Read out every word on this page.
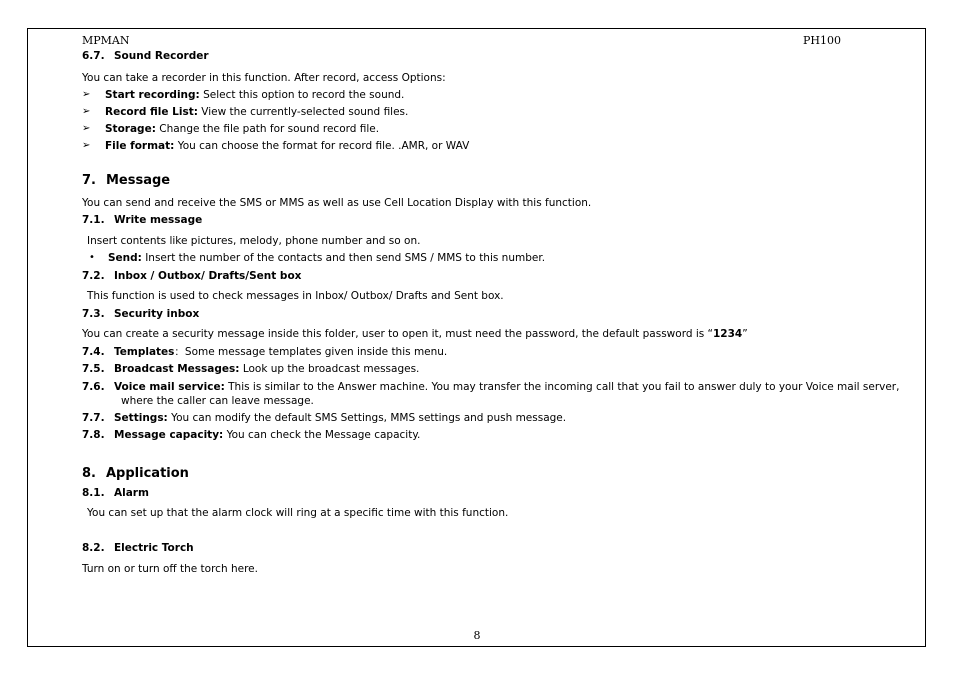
MPMAN	PH100
6.7. Sound Recorder
You can take a recorder in this function. After record, access Options:
➢ Start recording: Select this option to record the sound.
➢ Record file List: View the currently-selected sound files.
➢ Storage: Change the file path for sound record file.
➢ File format: You can choose the format for record file. .AMR, or WAV
7. Message
You can send and receive the SMS or MMS as well as use Cell Location Display with this function.
7.1. Write message
Insert contents like pictures, melody, phone number and so on.
• Send: Insert the number of the contacts and then send SMS / MMS to this number.
7.2. Inbox / Outbox/ Drafts/Sent box
This function is used to check messages in Inbox/ Outbox/ Drafts and Sent box.
7.3. Security inbox
You can create a security message inside this folder, user to open it, must need the password, the default password is “1234”
7.4. Templates：Some message templates given inside this menu.
7.5. Broadcast Messages: Look up the broadcast messages.
7.6. Voice mail service: This is similar to the Answer machine. You may transfer the incoming call that you fail to answer duly to your Voice mail server,
where the caller can leave message.
7.7. Settings: You can modify the default SMS Settings, MMS settings and push message.
7.8. Message capacity: You can check the Message capacity.
8. Application
8.1. Alarm
You can set up that the alarm clock will ring at a specific time with this function.
8.2. Electric Torch
Turn on or turn off the torch here.
8
